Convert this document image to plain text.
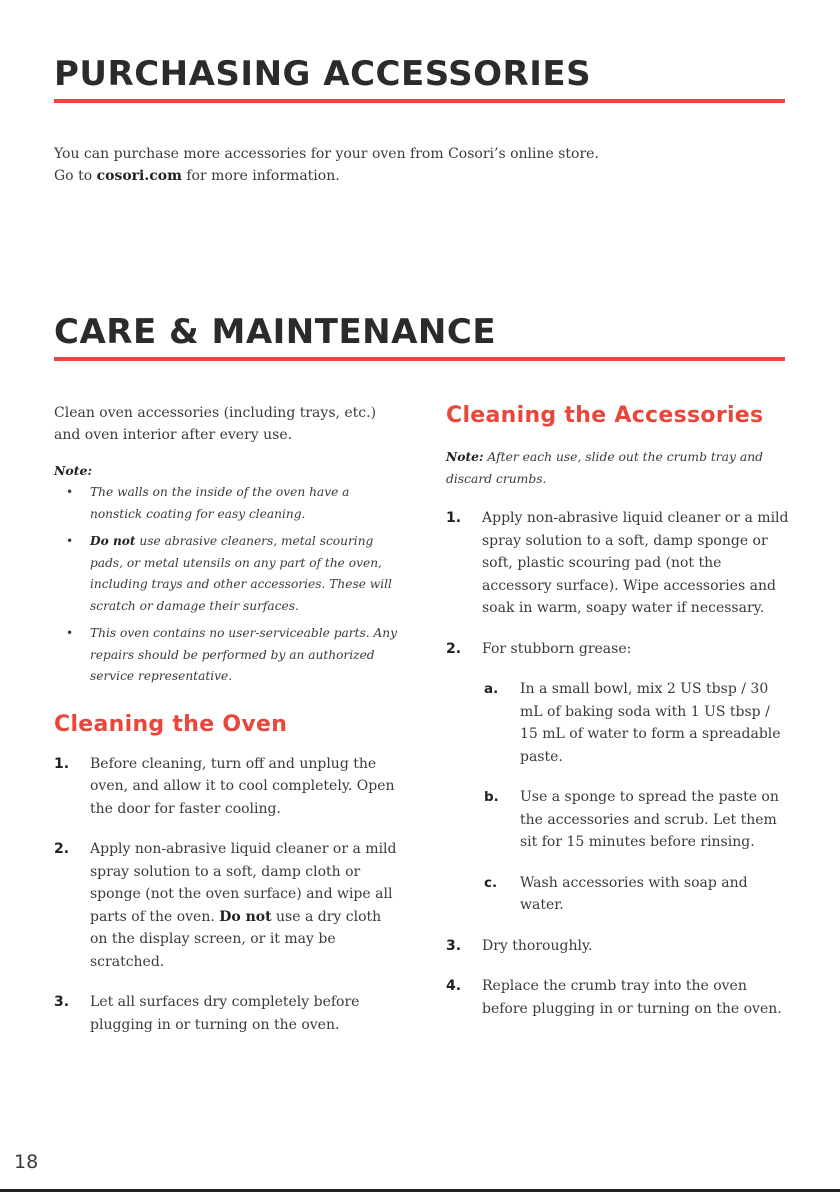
PURCHASING ACCESSORIES

You can purchase more accessories for your oven from Cosori’s online store.
Go to cosori.com for more information.

CARE & MAINTENANCE

Clean oven accessories (including trays, etc.) and oven interior after every use.

Note:

• The walls on the inside of the oven have a nonstick coating for easy cleaning.
• Do not use abrasive cleaners, metal scouring pads, or metal utensils on any part of the oven, including trays and other accessories. These will scratch or damage their surfaces.
• This oven contains no user-serviceable parts. Any repairs should be performed by an authorized service representative.
Cleaning the Oven
1. Before cleaning, turn off and unplug the oven, and allow it to cool completely. Open the door for faster cooling.
2. Apply non-abrasive liquid cleaner or a mild spray solution to a soft, damp cloth or sponge (not the oven surface) and wipe all parts of the oven. Do not use a dry cloth on the display screen, or it may be scratched.
3. Let all surfaces dry completely before plugging in or turning on the oven.
Cleaning the Accessories

Note: After each use, slide out the crumb tray and discard crumbs.

1. Apply non-abrasive liquid cleaner or a mild spray solution to a soft, damp sponge or soft, plastic scouring pad (not the accessory surface). Wipe accessories and soak in warm, soapy water if necessary.
2. For stubborn grease:
a. In a small bowl, mix 2 US tbsp / 30 mL of baking soda with 1 US tbsp / 15 mL of water to form a spreadable paste.
b. Use a sponge to spread the paste on the accessories and scrub. Let them sit for 15 minutes before rinsing.
c. Wash accessories with soap and water.
3. Dry thoroughly.
4. Replace the crumb tray into the oven before plugging in or turning on the oven.

18
